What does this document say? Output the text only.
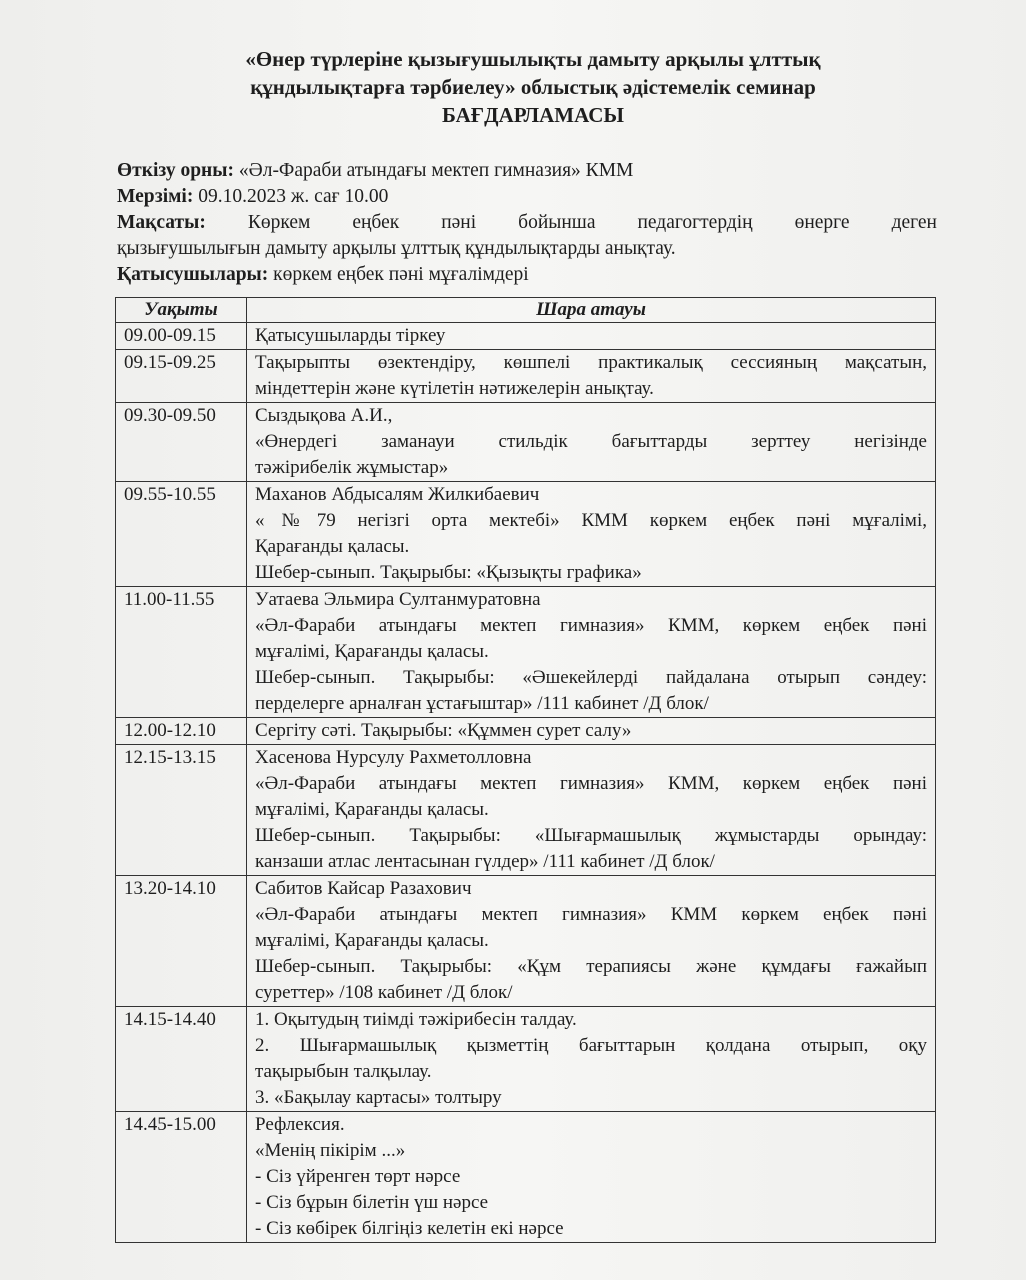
«Өнер түрлеріне қызығушылықты дамыту арқылы ұлттық
құндылықтарға тәрбиелеу» облыстық әдістемелік семинар
БАҒДАРЛАМАСЫ
Өткізу орны: «Әл-Фараби атындағы мектеп гимназия» КММ
Мерзімі: 09.10.2023 ж. сағ 10.00
Мақсаты: Көркем еңбек пәні бойынша педагогтердің өнерге деген
қызығушылығын дамыту арқылы ұлттық құндылықтарды анықтау.
Қатысушылары: көркем еңбек пәні мұғалімдері
Уақыты	Шара атауы
09.00-09.15	Қатысушыларды тіркеу

09.15-09.25	Тақырыпты өзектендіру, көшпелі практикалық сессияның мақсатын,
міндеттерін және күтілетін нәтижелерін анықтау.

09.30-09.50	Сыздықова А.И.,
«Өнердегі заманауи стильдік бағыттарды зерттеу негізінде
тәжірибелік жұмыстар»

09.55-10.55	Маханов Абдысалям Жилкибаевич
«№79 негізгі орта мектебі» КММ көркем еңбек пәні мұғалімі,
Қарағанды қаласы.
Шебер-сынып. Тақырыбы: «Қызықты графика»

11.00-11.55	Уатаева Эльмира Султанмуратовна
«Әл-Фараби атындағы мектеп гимназия» КММ, көркем еңбек пәні
мұғалімі, Қарағанды қаласы.
Шебер-сынып. Тақырыбы: «Әшекейлерді пайдалана отырып сәндеу:
перделерге арналған ұстағыштар» /111 кабинет /Д блок/

12.00-12.10	Сергіту сәті. Тақырыбы: «Құммен сурет салу»

12.15-13.15	Хасенова Нурсулу Рахметолловна
«Әл-Фараби атындағы мектеп гимназия» КММ, көркем еңбек пәні
мұғалімі, Қарағанды қаласы.
Шебер-сынып. Тақырыбы: «Шығармашылық жұмыстарды орындау:
канзаши атлас лентасынан гүлдер» /111 кабинет /Д блок/

13.20-14.10	Сабитов Кайсар Разахович
«Әл-Фараби атындағы мектеп гимназия» КММ көркем еңбек пәні
мұғалімі, Қарағанды қаласы.
Шебер-сынып. Тақырыбы: «Құм терапиясы және құмдағы ғажайып
суреттер» /108 кабинет /Д блок/

14.15-14.40	1. Оқытудың тиімді тәжірибесін талдау.
2. Шығармашылық қызметтің бағыттарын қолдана отырып, оқу
тақырыбын талқылау.
3. «Бақылау картасы» толтыру

14.45-15.00	Рефлексия.
«Менің пікірім ...»
- Сіз үйренген төрт нәрсе
- Сіз бұрын білетін үш нәрсе
- Сіз көбірек білгіңіз келетін екі нәрсе
